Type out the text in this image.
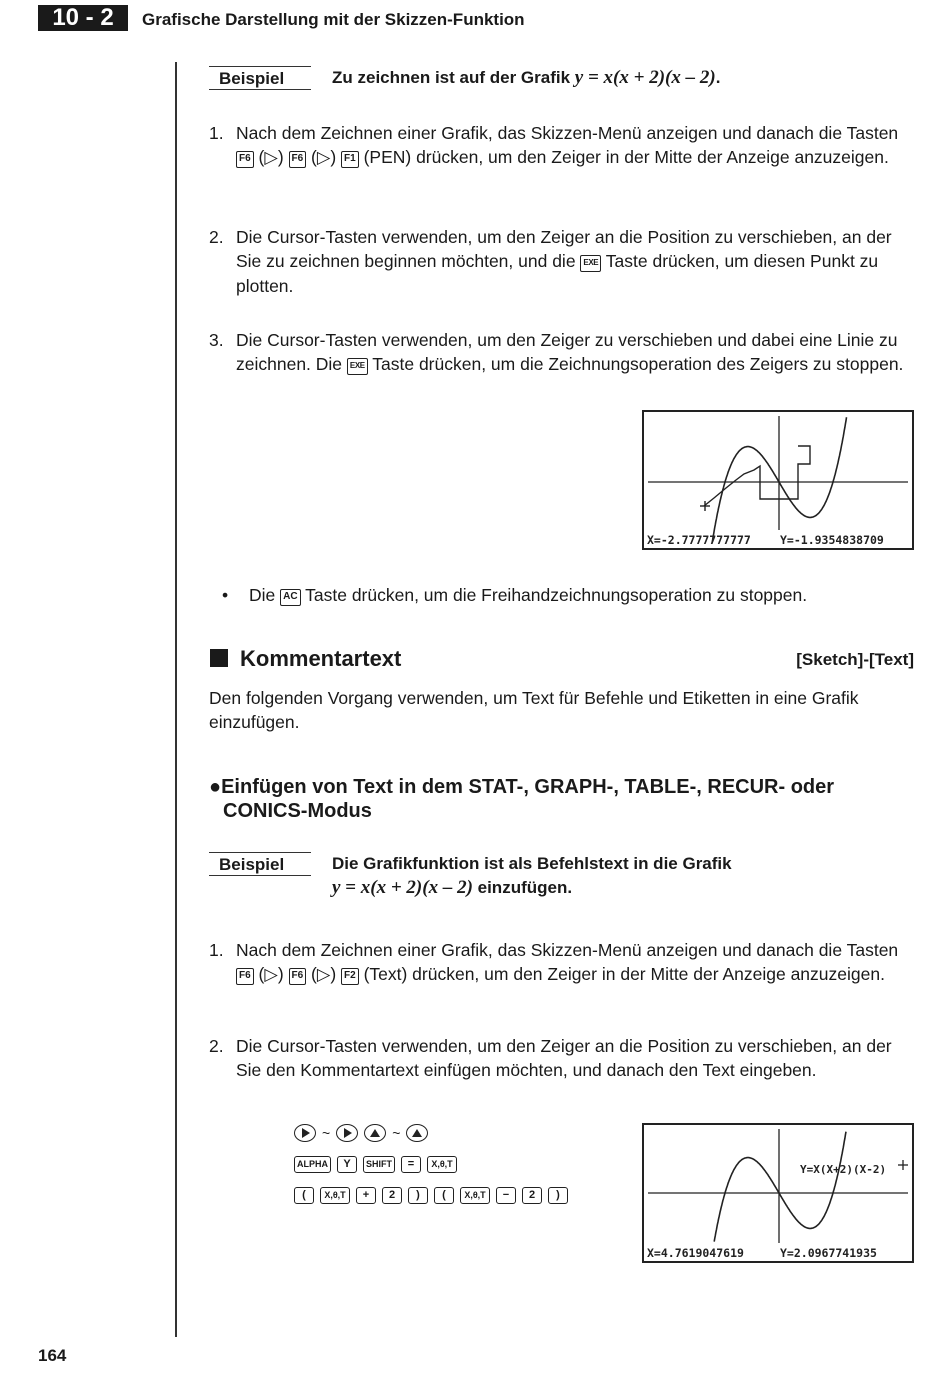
10 - 2	Grafische Darstellung mit der Skizzen-Funktion
Beispiel	Zu zeichnen ist auf der Grafik y = x(x + 2)(x – 2).
1. Nach dem Zeichnen einer Grafik, das Skizzen-Menü anzeigen und danach die Tasten F6 (▷) F6 (▷) F1 (PEN) drücken, um den Zeiger in der Mitte der Anzeige anzuzeigen.
2. Die Cursor-Tasten verwenden, um den Zeiger an die Position zu verschieben, an der Sie zu zeichnen beginnen möchten, und die EXE Taste drücken, um diesen Punkt zu plotten.
3. Die Cursor-Tasten verwenden, um den Zeiger zu verschieben und dabei eine Linie zu zeichnen. Die EXE Taste drücken, um die Zeichnungsoperation des Zeigers zu stoppen.
X=-2.7777777777	Y=-1.9354838709
• Die AC Taste drücken, um die Freihandzeichnungsoperation zu stoppen.
Kommentartext	[Sketch]-[Text]
Den folgenden Vorgang verwenden, um Text für Befehle und Etiketten in eine Grafik einzufügen.
●Einfügen von Text in dem STAT-, GRAPH-, TABLE-, RECUR- oder
CONICS-Modus
Beispiel	Die Grafikfunktion ist als Befehlstext in die Grafik
y = x(x + 2)(x – 2) einzufügen.
1. Nach dem Zeichnen einer Grafik, das Skizzen-Menü anzeigen und danach die Tasten F6 (▷) F6 (▷) F2 (Text) drücken, um den Zeiger in der Mitte der Anzeige anzuzeigen.
2. Die Cursor-Tasten verwenden, um den Zeiger an die Position zu verschieben, an der Sie den Kommentartext einfügen möchten, und danach den Text eingeben.
~	~
ALPHA	Y	SHIFT	=	X,θ,T
(	X,θ,T	+	2	)	(	X,θ,T	−	2	)
Y=X(X+2)(X-2)
X=4.7619047619	Y=2.0967741935
164
